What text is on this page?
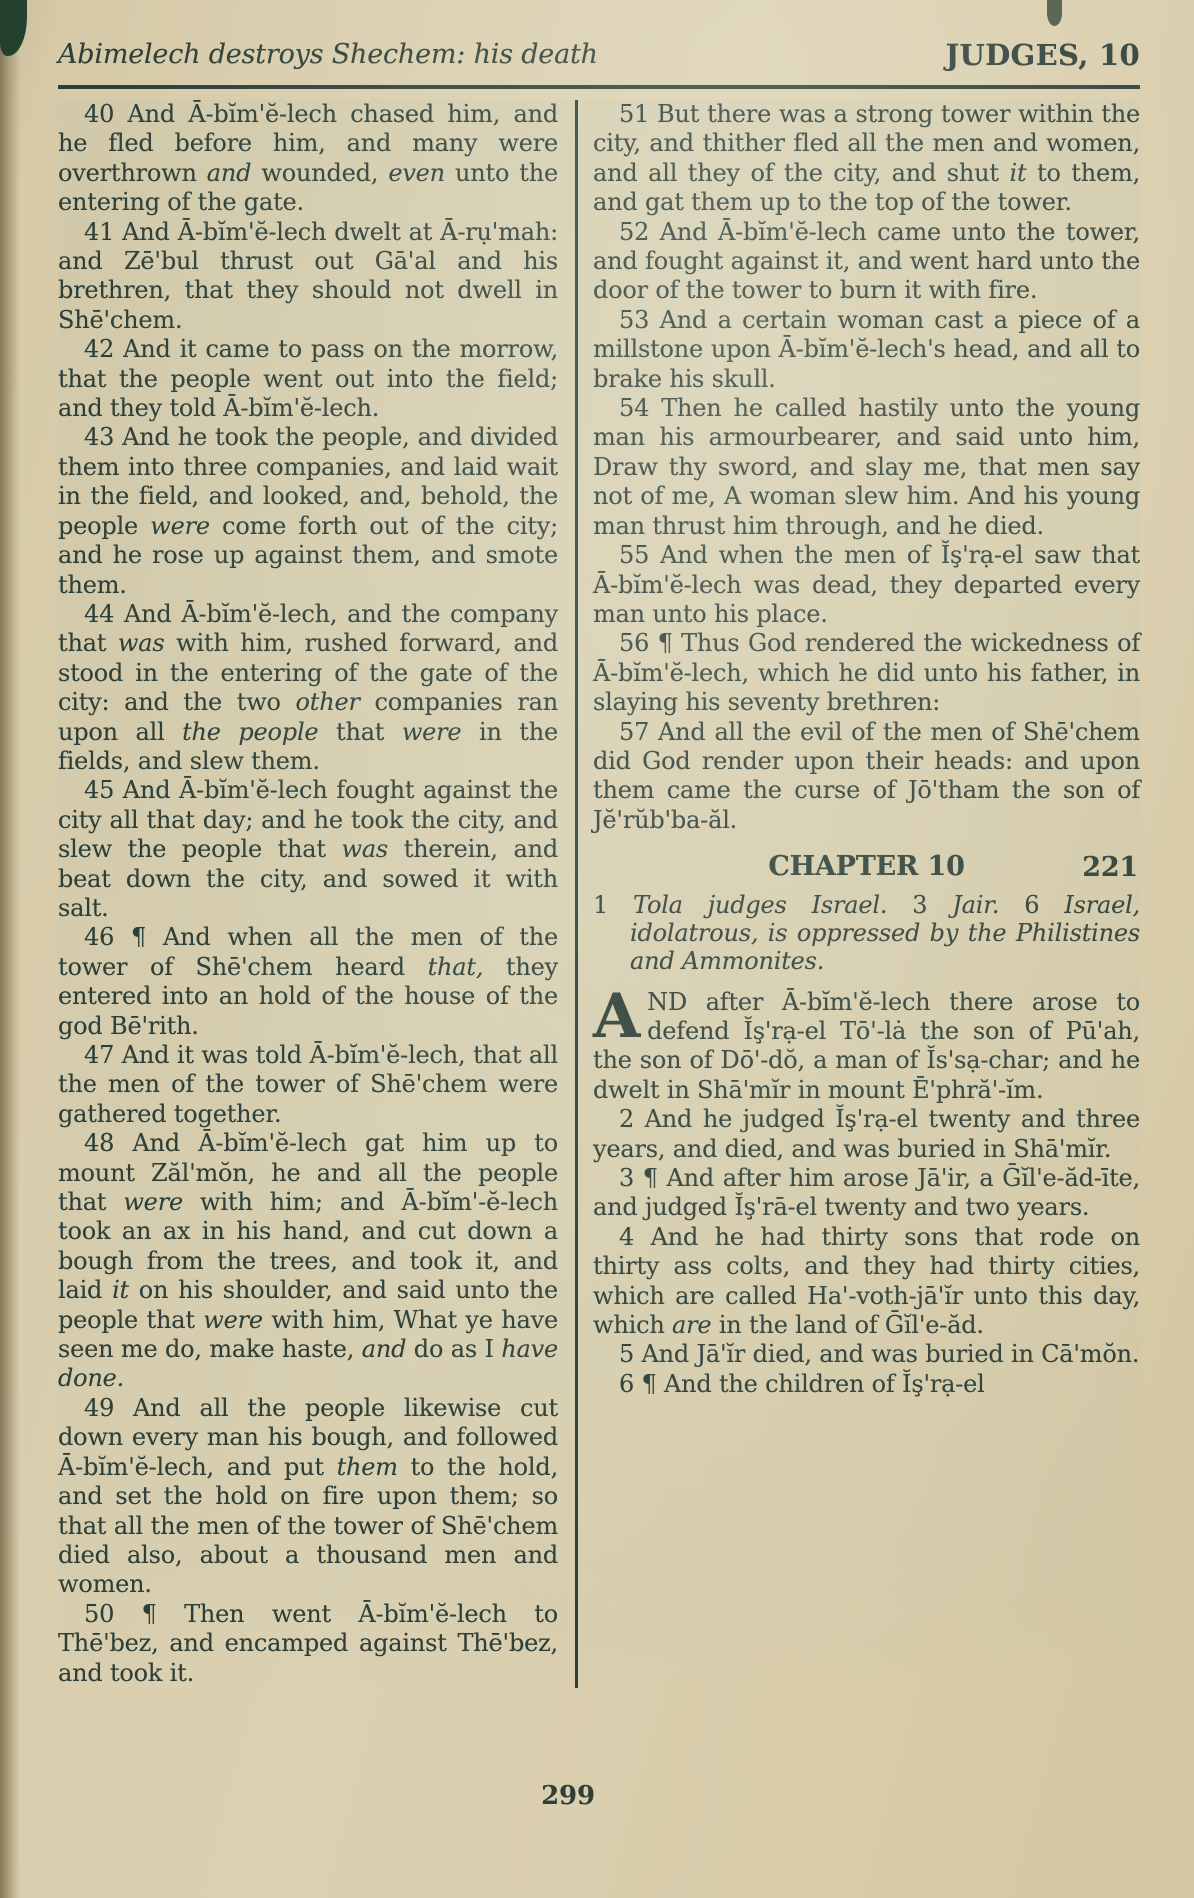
Abimelech destroys Shechem: his death	JUDGES, 10

40 And Ā-bĭm'ĕ-lech chased him, and he fled before him, and many were overthrown and wounded, even unto the entering of the gate.

41 And Ā-bĭm'ĕ-lech dwelt at Ā-rụ'mah: and Zē'bul thrust out Gā'al and his brethren, that they should not dwell in Shē'chem.

42 And it came to pass on the morrow, that the people went out into the field; and they told Ā-bĭm'ĕ-lech.

43 And he took the people, and divided them into three companies, and laid wait in the field, and looked, and, behold, the people were come forth out of the city; and he rose up against them, and smote them.

44 And Ā-bĭm'ĕ-lech, and the company that was with him, rushed forward, and stood in the entering of the gate of the city: and the two other companies ran upon all the people that were in the fields, and slew them.

45 And Ā-bĭm'ĕ-lech fought against the city all that day; and he took the city, and slew the people that was therein, and beat down the city, and sowed it with salt.

46 ¶ And when all the men of the tower of Shē'chem heard that, they entered into an hold of the house of the god Bē'rith.

47 And it was told Ā-bĭm'ĕ-lech, that all the men of the tower of Shē'chem were gathered together.

48 And Ā-bĭm'ĕ-lech gat him up to mount Zăl'mŏn, he and all the people that were with him; and Ā-bĭm'-ĕ-lech took an ax in his hand, and cut down a bough from the trees, and took it, and laid it on his shoulder, and said unto the people that were with him, What ye have seen me do, make haste, and do as I have done.

49 And all the people likewise cut down every man his bough, and followed Ā-bĭm'ĕ-lech, and put them to the hold, and set the hold on fire upon them; so that all the men of the tower of Shē'chem died also, about a thousand men and women.

50 ¶ Then went Ā-bĭm'ĕ-lech to Thē'bez, and encamped against Thē'bez, and took it.

51 But there was a strong tower within the city, and thither fled all the men and women, and all they of the city, and shut it to them, and gat them up to the top of the tower.

52 And Ā-bĭm'ĕ-lech came unto the tower, and fought against it, and went hard unto the door of the tower to burn it with fire.

53 And a certain woman cast a piece of a millstone upon Ā-bĭm'ĕ-lech's head, and all to brake his skull.

54 Then he called hastily unto the young man his armourbearer, and said unto him, Draw thy sword, and slay me, that men say not of me, A woman slew him. And his young man thrust him through, and he died.

55 And when the men of Ĭş'rạ-el saw that Ā-bĭm'ĕ-lech was dead, they departed every man unto his place.

56 ¶ Thus God rendered the wickedness of Ā-bĭm'ĕ-lech, which he did unto his father, in slaying his seventy brethren:

57 And all the evil of the men of Shē'chem did God render upon their heads: and upon them came the curse of Jō'tham the son of Jĕ'rŭb'ba-ăl.

CHAPTER 10	221

1 Tola judges Israel. 3 Jair. 6 Israel, idolatrous, is oppressed by the Philistines and Ammonites.

AND after Ā-bĭm'ĕ-lech there arose to defend Ĭş'rạ-el Tō'-lȧ the son of Pū'ah, the son of Dō'-dŏ, a man of Ĭs'sạ-char; and he dwelt in Shā'mĭr in mount Ē'phră'-ĭm.

2 And he judged Ĭş'rạ-el twenty and three years, and died, and was buried in Shā'mĭr.

3 ¶ And after him arose Jā'ir, a Ḡĭl'e-ăd-īte, and judged Ĭş'rā-el twenty and two years.

4 And he had thirty sons that rode on thirty ass colts, and they had thirty cities, which are called Ha'-voth-jā'ĭr unto this day, which are in the land of Ḡĭl'e-ăd.

5 And Jā'ĭr died, and was buried in Cā'mŏn.

6 ¶ And the children of Ĭş'rạ-el

299
